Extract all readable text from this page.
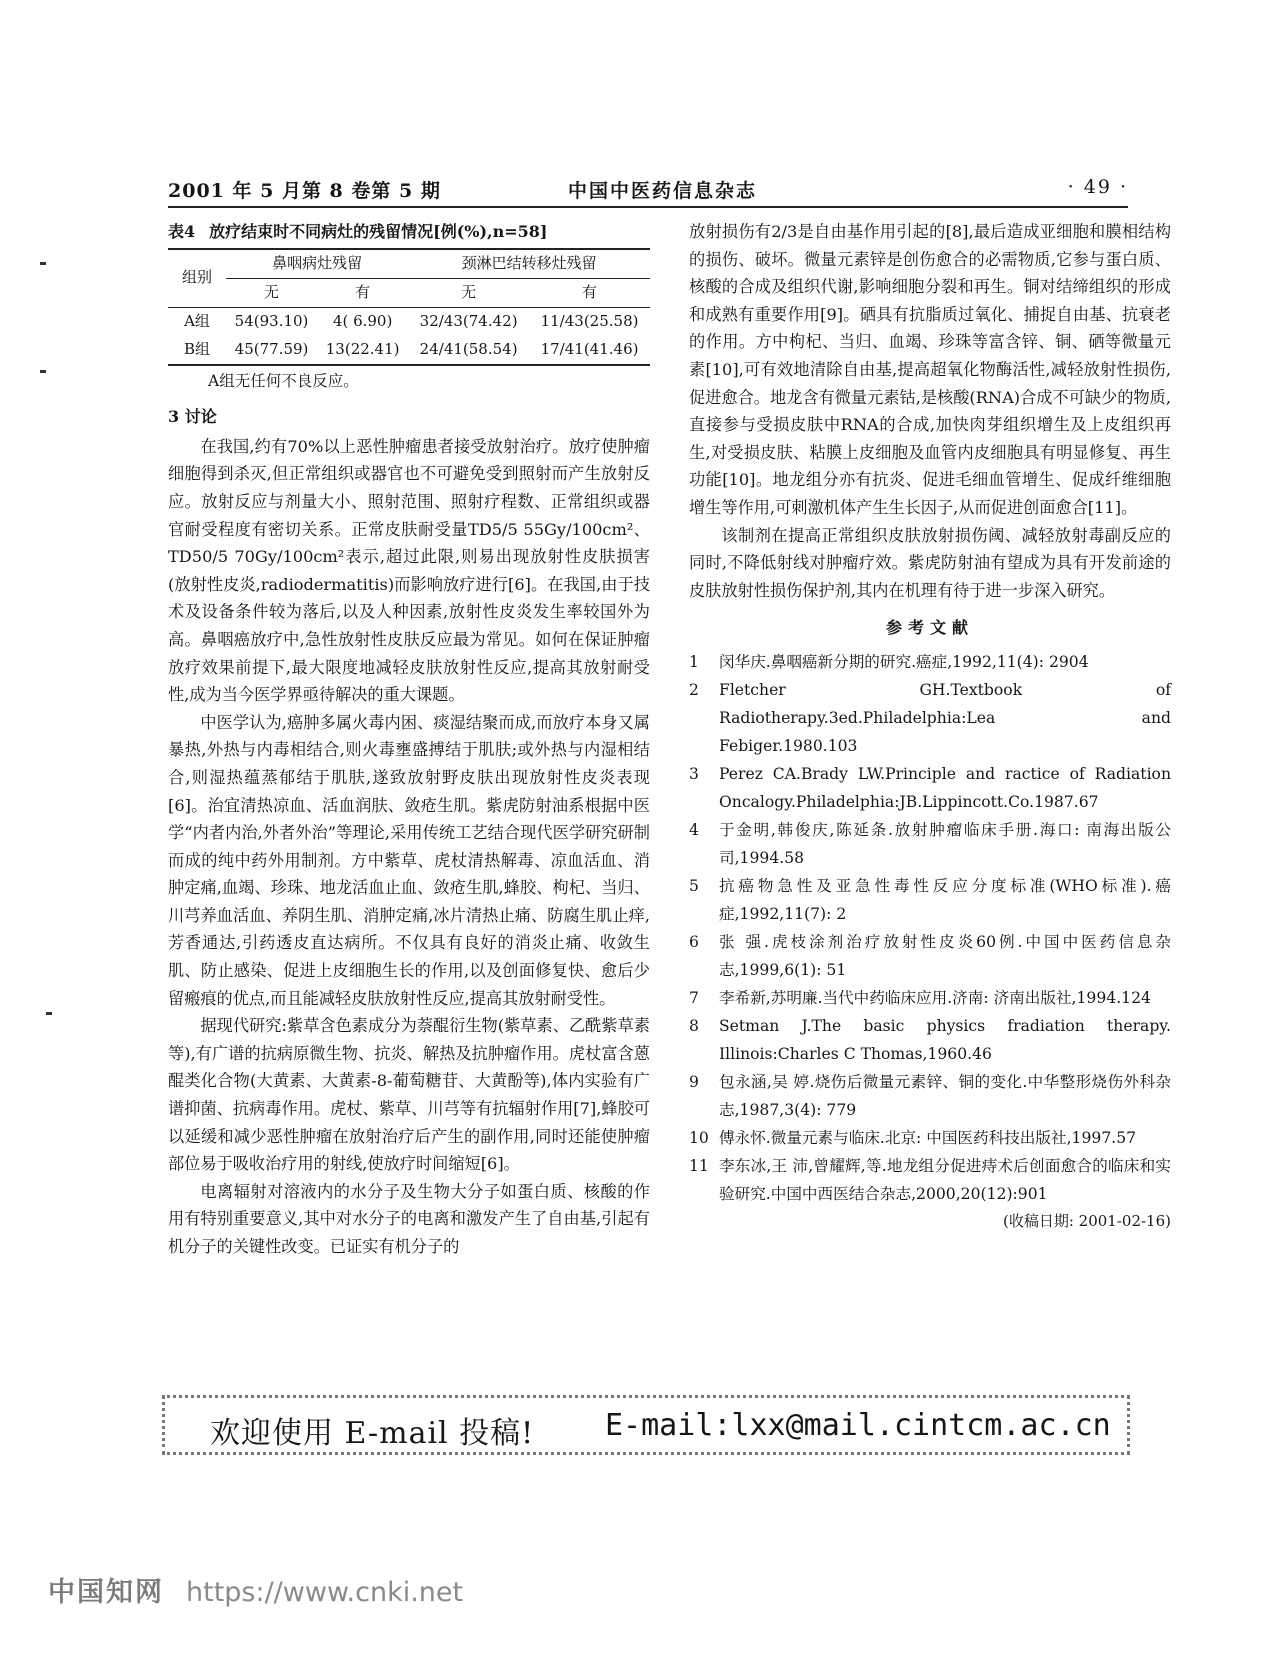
2001 年 5 月第 8 卷第 5 期	中国中医药信息杂志	· 49 ·
表4 放疗结束时不同病灶的残留情况[例(%),n=58]
组别	鼻咽病灶残留		颈淋巴结转移灶残留	
	无	有	无	有
A组	54(93.10)	4( 6.90)	32/43(74.42)	11/43(25.58)
B组	45(77.59)	13(22.41)	24/41(58.54)	17/41(41.46)
A组无任何不良反应。
3 讨论

在我国,约有70%以上恶性肿瘤患者接受放射治疗。放疗使肿瘤细胞得到杀灭,但正常组织或器官也不可避免受到照射而产生放射反应。放射反应与剂量大小、照射范围、照射疗程数、正常组织或器官耐受程度有密切关系。正常皮肤耐受量TD5/5 55Gy/100cm²、TD50/5 70Gy/100cm²表示,超过此限,则易出现放射性皮肤损害(放射性皮炎,radiodermatitis)而影响放疗进行[6]。在我国,由于技术及设备条件较为落后,以及人种因素,放射性皮炎发生率较国外为高。鼻咽癌放疗中,急性放射性皮肤反应最为常见。如何在保证肿瘤放疗效果前提下,最大限度地减轻皮肤放射性反应,提高其放射耐受性,成为当今医学界亟待解决的重大课题。

中医学认为,癌肿多属火毒内困、痰湿结聚而成,而放疗本身又属暴热,外热与内毒相结合,则火毒壅盛搏结于肌肤;或外热与内湿相结合,则湿热蕴蒸郁结于肌肤,遂致放射野皮肤出现放射性皮炎表现[6]。治宜清热凉血、活血润肤、敛疮生肌。紫虎防射油系根据中医学“内者内治,外者外治”等理论,采用传统工艺结合现代医学研究研制而成的纯中药外用制剂。方中紫草、虎杖清热解毒、凉血活血、消肿定痛,血竭、珍珠、地龙活血止血、敛疮生肌,蜂胶、枸杞、当归、川芎养血活血、养阴生肌、消肿定痛,冰片清热止痛、防腐生肌止痒,芳香通达,引药透皮直达病所。不仅具有良好的消炎止痛、收敛生肌、防止感染、促进上皮细胞生长的作用,以及创面修复快、愈后少留瘢痕的优点,而且能减轻皮肤放射性反应,提高其放射耐受性。

据现代研究:紫草含色素成分为萘醌衍生物(紫草素、乙酰紫草素等),有广谱的抗病原微生物、抗炎、解热及抗肿瘤作用。虎杖富含蒽醌类化合物(大黄素、大黄素-8-葡萄糖苷、大黄酚等),体内实验有广谱抑菌、抗病毒作用。虎杖、紫草、川芎等有抗辐射作用[7],蜂胶可以延缓和减少恶性肿瘤在放射治疗后产生的副作用,同时还能使肿瘤部位易于吸收治疗用的射线,使放疗时间缩短[6]。

电离辐射对溶液内的水分子及生物大分子如蛋白质、核酸的作用有特别重要意义,其中对水分子的电离和激发产生了自由基,引起有机分子的关键性改变。已证实有机分子的

放射损伤有2/3是自由基作用引起的[8],最后造成亚细胞和膜相结构的损伤、破坏。微量元素锌是创伤愈合的必需物质,它参与蛋白质、核酸的合成及组织代谢,影响细胞分裂和再生。铜对结缔组织的形成和成熟有重要作用[9]。硒具有抗脂质过氧化、捕捉自由基、抗衰老的作用。方中枸杞、当归、血竭、珍珠等富含锌、铜、硒等微量元素[10],可有效地清除自由基,提高超氧化物酶活性,减轻放射性损伤,促进愈合。地龙含有微量元素钴,是核酸(RNA)合成不可缺少的物质,直接参与受损皮肤中RNA的合成,加快肉芽组织增生及上皮组织再生,对受损皮肤、粘膜上皮细胞及血管内皮细胞具有明显修复、再生功能[10]。地龙组分亦有抗炎、促进毛细血管增生、促成纤维细胞增生等作用,可刺激机体产生生长因子,从而促进创面愈合[11]。

该制剂在提高正常组织皮肤放射损伤阈、减轻放射毒副反应的同时,不降低射线对肿瘤疗效。紫虎防射油有望成为具有开发前途的皮肤放射性损伤保护剂,其内在机理有待于进一步深入研究。

参考文献
1	闵华庆.鼻咽癌新分期的研究.癌症,1992,11(4): 2904
2	Fletcher GH.Textbook of Radiotherapy.3ed.Philadelphia:Lea and Febiger.1980.103
3	Perez CA.Brady LW.Principle and ractice of Radiation Oncalogy.Philadelphia:JB.Lippincott.Co.1987.67
4	于金明,韩俊庆,陈延条.放射肿瘤临床手册.海口: 南海出版公司,1994.58
5	抗癌物急性及亚急性毒性反应分度标准(WHO标准).癌症,1992,11(7): 2
6	张 强.虎枝涂剂治疗放射性皮炎60例.中国中医药信息杂志,1999,6(1): 51
7	李希新,苏明廉.当代中药临床应用.济南: 济南出版社,1994.124
8	Setman J.The basic physics fradiation therapy. Illinois:Charles C Thomas,1960.46
9	包永涵,吴 婷.烧伤后微量元素锌、铜的变化.中华整形烧伤外科杂志,1987,3(4): 779
10 傅永怀.微量元素与临床.北京: 中国医药科技出版社,1997.57
11 李东冰,王 沛,曾耀辉,等.地龙组分促进痔术后创面愈合的临床和实验研究.中国中西医结合杂志,2000,20(12):901
(收稿日期: 2001-02-16)
欢迎使用 E-mail 投稿! E-mail:lxx@mail.cintcm.ac.cn
中国知网 https://www.cnki.net
